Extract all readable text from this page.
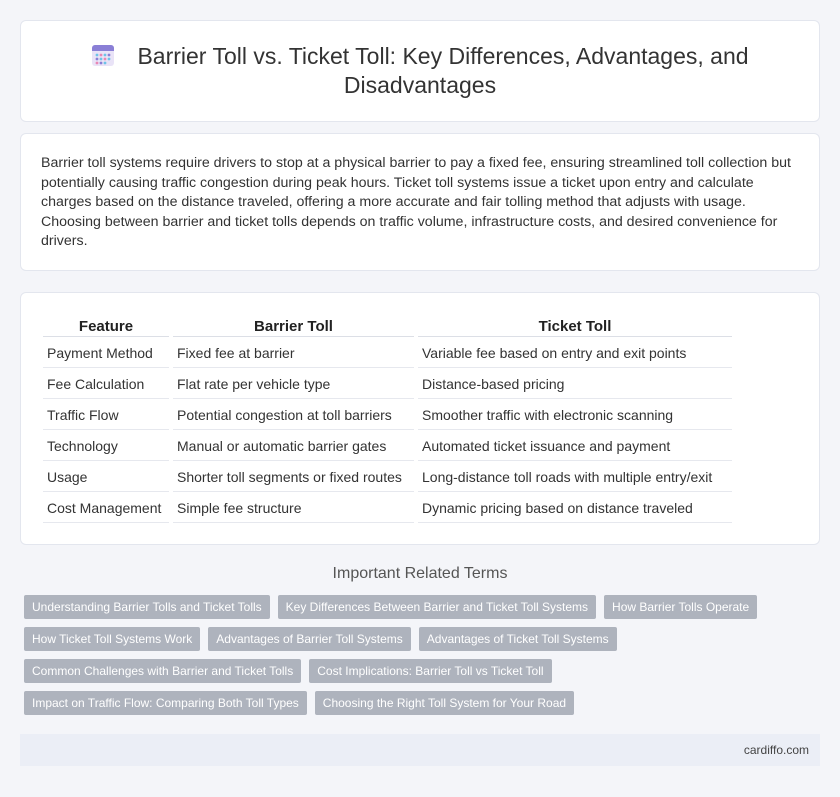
Barrier Toll vs. Ticket Toll: Key Differences, Advantages, and Disadvantages

Barrier toll systems require drivers to stop at a physical barrier to pay a fixed fee, ensuring streamlined toll collection but potentially causing traffic congestion during peak hours. Ticket toll systems issue a ticket upon entry and calculate charges based on the distance traveled, offering a more accurate and fair tolling method that adjusts with usage. Choosing between barrier and ticket tolls depends on traffic volume, infrastructure costs, and desired convenience for drivers.

Feature	Barrier Toll	Ticket Toll
Payment Method	Fixed fee at barrier	Variable fee based on entry and exit points
Fee Calculation	Flat rate per vehicle type	Distance-based pricing
Traffic Flow	Potential congestion at toll barriers	Smoother traffic with electronic scanning
Technology	Manual or automatic barrier gates	Automated ticket issuance and payment
Usage	Shorter toll segments or fixed routes	Long-distance toll roads with multiple entry/exit
Cost Management	Simple fee structure	Dynamic pricing based on distance traveled
Important Related Terms
Understanding Barrier Tolls and Ticket Tolls	Key Differences Between Barrier and Ticket Toll Systems	How Barrier Tolls Operate
How Ticket Toll Systems Work	Advantages of Barrier Toll Systems	Advantages of Ticket Toll Systems
Common Challenges with Barrier and Ticket Tolls	Cost Implications: Barrier Toll vs Ticket Toll
Impact on Traffic Flow: Comparing Both Toll Types	Choosing the Right Toll System for Your Road
cardiffo.com
